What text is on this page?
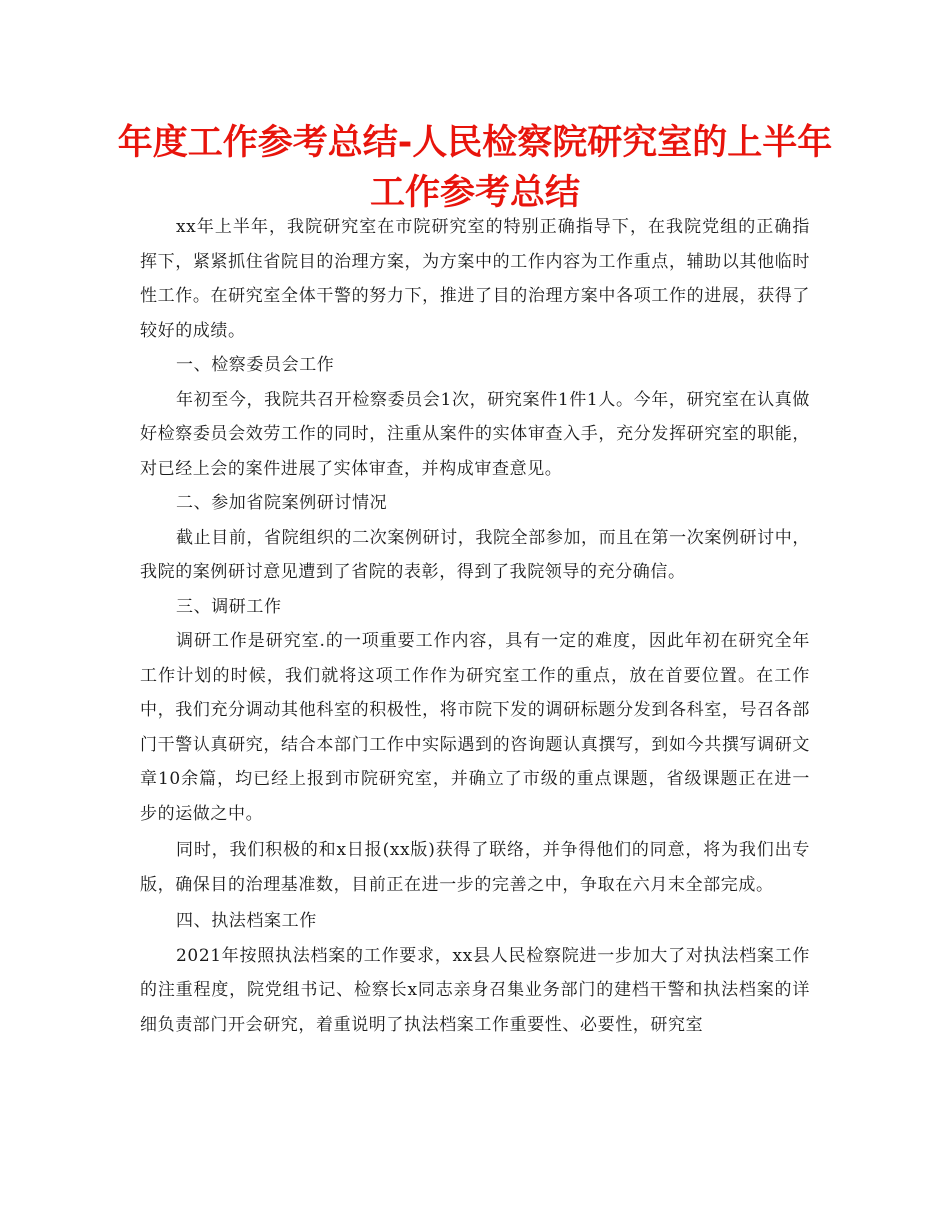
年度工作参考总结-人民检察院研究室的上半年工作参考总结

xx年上半年，我院研究室在市院研究室的特别正确指导下，在我院党组的正确指挥下，紧紧抓住省院目的治理方案，为方案中的工作内容为工作重点，辅助以其他临时性工作。在研究室全体干警的努力下，推进了目的治理方案中各项工作的进展，获得了较好的成绩。

一、检察委员会工作

年初至今，我院共召开检察委员会1次，研究案件1件1人。今年，研究室在认真做好检察委员会效劳工作的同时，注重从案件的实体审查入手，充分发挥研究室的职能，对已经上会的案件进展了实体审查，并构成审查意见。

二、参加省院案例研讨情况

截止目前，省院组织的二次案例研讨，我院全部参加，而且在第一次案例研讨中，我院的案例研讨意见遭到了省院的表彰，得到了我院领导的充分确信。

三、调研工作

调研工作是研究室.的一项重要工作内容，具有一定的难度，因此年初在研究全年工作计划的时候，我们就将这项工作作为研究室工作的重点，放在首要位置。在工作中，我们充分调动其他科室的积极性，将市院下发的调研标题分发到各科室，号召各部门干警认真研究，结合本部门工作中实际遇到的咨询题认真撰写，到如今共撰写调研文章10余篇，均已经上报到市院研究室，并确立了市级的重点课题，省级课题正在进一步的运做之中。

同时，我们积极的和x日报(xx版)获得了联络，并争得他们的同意，将为我们出专版，确保目的治理基准数，目前正在进一步的完善之中，争取在六月末全部完成。

四、执法档案工作

2021年按照执法档案的工作要求，xx县人民检察院进一步加大了对执法档案工作的注重程度，院党组书记、检察长x同志亲身召集业务部门的建档干警和执法档案的详细负责部门开会研究，着重说明了执法档案工作重要性、必要性，研究室
